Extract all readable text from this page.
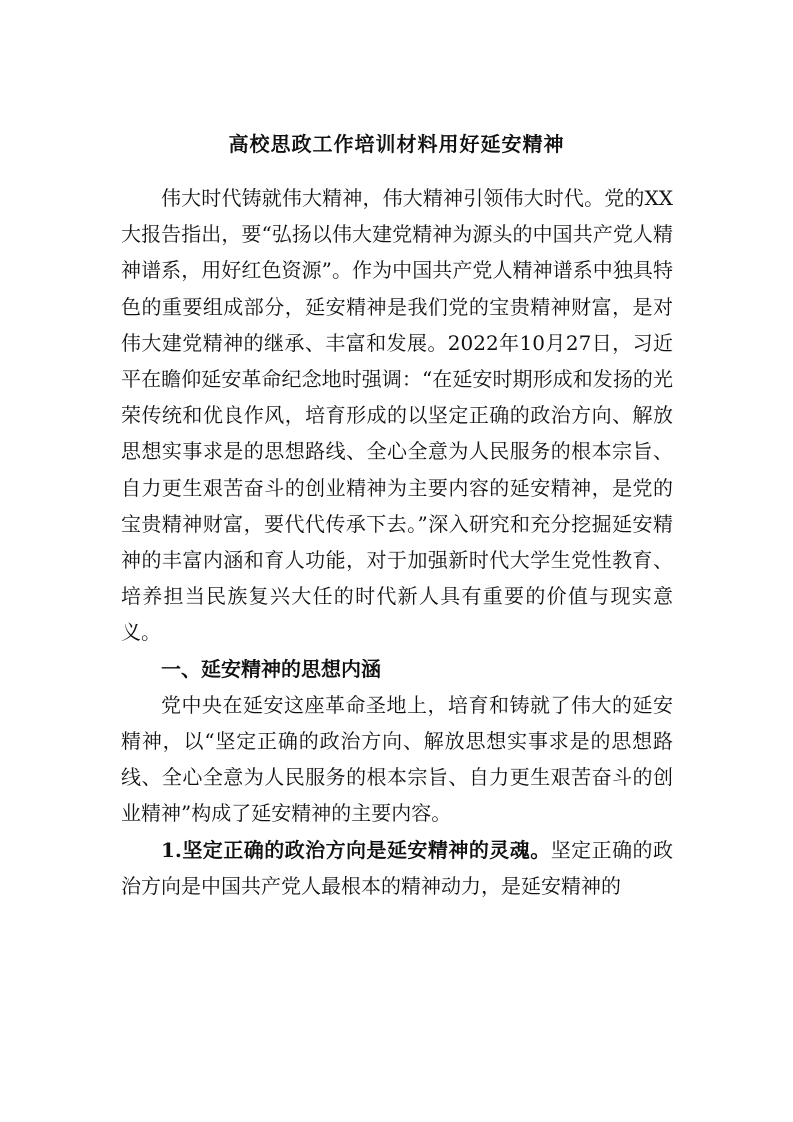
高校思政工作培训材料用好延安精神

伟大时代铸就伟大精神，伟大精神引领伟大时代。党的XX大报告指出，要“弘扬以伟大建党精神为源头的中国共产党人精神谱系，用好红色资源”。作为中国共产党人精神谱系中独具特色的重要组成部分，延安精神是我们党的宝贵精神财富，是对伟大建党精神的继承、丰富和发展。2022年10月27日，习近平在瞻仰延安革命纪念地时强调：“在延安时期形成和发扬的光荣传统和优良作风，培育形成的以坚定正确的政治方向、解放思想实事求是的思想路线、全心全意为人民服务的根本宗旨、自力更生艰苦奋斗的创业精神为主要内容的延安精神，是党的宝贵精神财富，要代代传承下去。”深入研究和充分挖掘延安精神的丰富内涵和育人功能，对于加强新时代大学生党性教育、培养担当民族复兴大任的时代新人具有重要的价值与现实意义。

一、延安精神的思想内涵

党中央在延安这座革命圣地上，培育和铸就了伟大的延安精神，以“坚定正确的政治方向、解放思想实事求是的思想路线、全心全意为人民服务的根本宗旨、自力更生艰苦奋斗的创业精神”构成了延安精神的主要内容。

1.坚定正确的政治方向是延安精神的灵魂。坚定正确的政治方向是中国共产党人最根本的精神动力，是延安精神的
